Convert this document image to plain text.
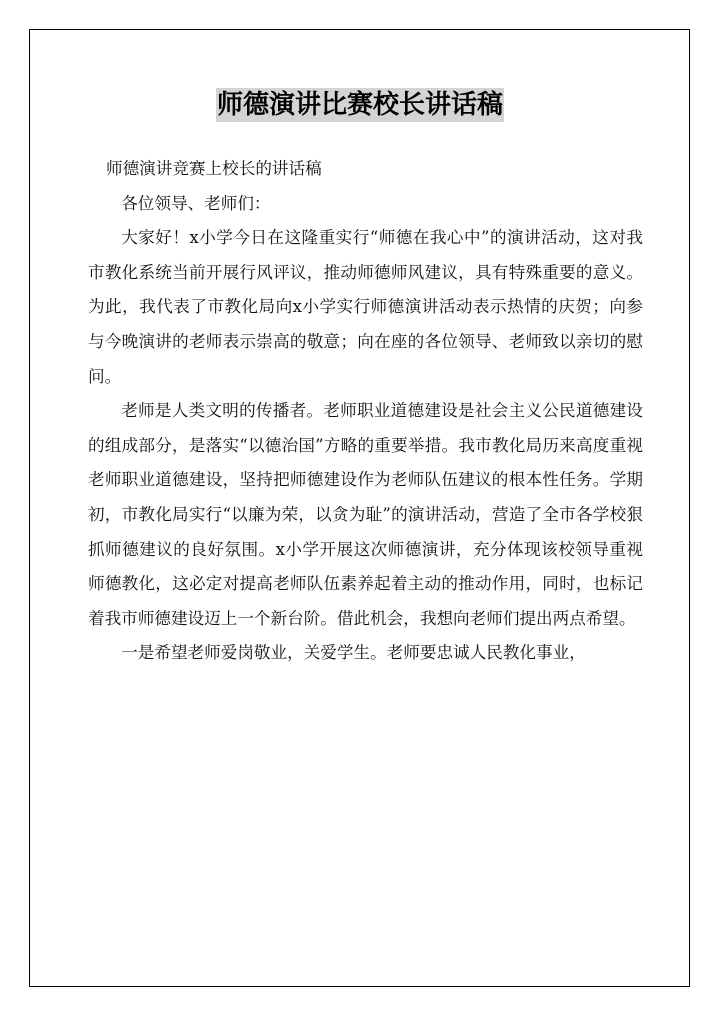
师德演讲比赛校长讲话稿

师德演讲竞赛上校长的讲话稿

各位领导、老师们：

大家好！x小学今日在这隆重实行“师德在我心中”的演讲活动，这对我市教化系统当前开展行风评议，推动师德师风建议，具有特殊重要的意义。为此，我代表了市教化局向x小学实行师德演讲活动表示热情的庆贺；向参与今晚演讲的老师表示崇高的敬意；向在座的各位领导、老师致以亲切的慰问。

老师是人类文明的传播者。老师职业道德建设是社会主义公民道德建设的组成部分，是落实“以德治国”方略的重要举措。我市教化局历来高度重视老师职业道德建设，坚持把师德建设作为老师队伍建议的根本性任务。学期初，市教化局实行“以廉为荣，以贪为耻”的演讲活动，营造了全市各学校狠抓师德建议的良好氛围。x小学开展这次师德演讲，充分体现该校领导重视师德教化，这必定对提高老师队伍素养起着主动的推动作用，同时，也标记着我市师德建设迈上一个新台阶。借此机会，我想向老师们提出两点希望。

一是希望老师爱岗敬业，关爱学生。老师要忠诚人民教化事业，
